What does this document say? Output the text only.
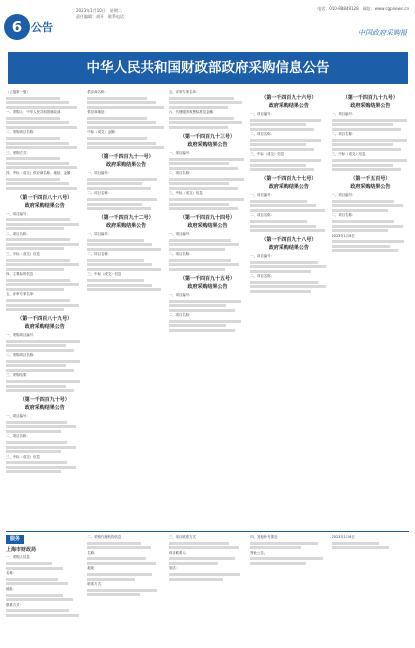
6 公告
2023年1月10日　星期二
责任编辑：胡开　联系电话：
电话：010-88849128　网址：www.cgpnews.cn
中国政府采购报
中华人民共和国财政部政府采购信息公告

（上接第一版）

一、采购人：中华人民共和国财政部

二、采购项目名称：

三、采购方式：

四、中标（成交）供应商名称、地址、金额：

（第一千四百八十八号）
政府采购结果公告

一、项目编号：

二、项目名称：

三、中标（成交）信息

四、主要标的信息

五、评审专家名单：

（第一千四百八十九号）
政府采购结果公告

一、采购项目编号：

二、采购项目名称：

三、采购结果

（第一千四百九十号）
政府采购结果公告

一、项目编号：

二、项目名称：

三、中标（成交）信息

供应商名称：

供应商地址：

中标（成交）金额：

（第一千四百九十一号）
政府采购结果公告

一、项目编号：

二、项目名称：

（第一千四百九十二号）
政府采购结果公告

一、项目编号：

二、项目名称：

三、中标（成交）信息

五、评审专家名单：

六、代理服务收费标准及金额：

（第一千四百九十三号）
政府采购结果公告

一、项目编号：

二、项目名称：

三、中标（成交）信息

（第一千四百九十四号）
政府采购结果公告

一、项目编号：

二、项目名称：

（第一千四百九十五号）
政府采购结果公告

一、项目编号：

二、项目名称：

（第一千四百九十六号）
政府采购结果公告

一、项目编号：

二、项目名称：

三、中标（成交）信息

（第一千四百九十七号）
政府采购结果公告

一、项目编号：

二、项目名称：

（第一千四百九十八号）
政府采购结果公告

一、项目编号：

二、项目名称：

（第一千四百九十九号）
政府采购结果公告

一、项目编号：

二、项目名称：

三、中标（成交）信息

（第一千五百号）
政府采购结果公告

一、项目编号：

二、项目名称：

2023年1月6日

服务
上海市财政局
一、采购人信息
名称：
地址：
联系方式：
二、采购代理机构信息
名称：
地址：
联系方式：
三、项目联系方式
项目联系人：
电话：
四、其他补充事宜
特此公告。
2023年1月6日
